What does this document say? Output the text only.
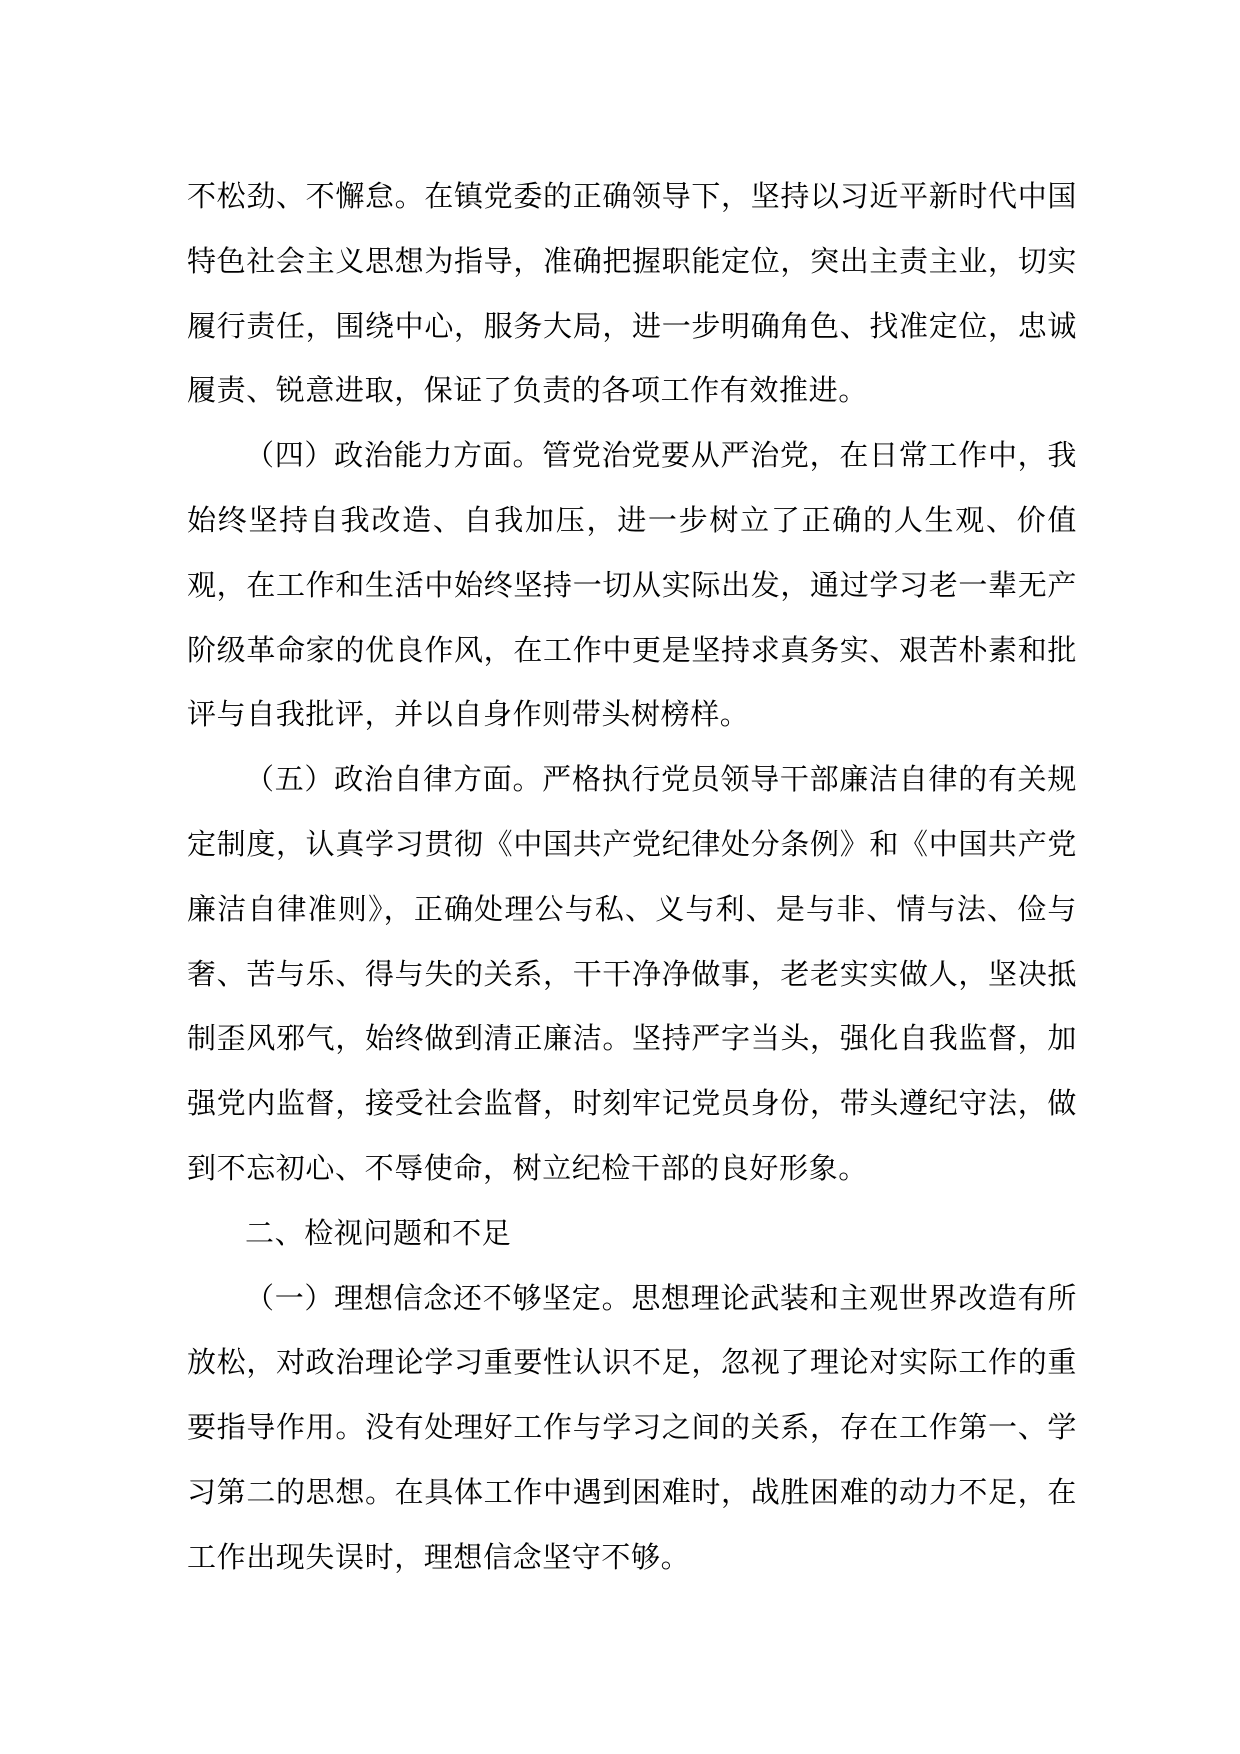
不松劲、不懈怠。在镇党委的正确领导下，坚持以习近平新时代中国特色社会主义思想为指导，准确把握职能定位，突出主责主业，切实履行责任，围绕中心，服务大局，进一步明确角色、找准定位，忠诚履责、锐意进取，保证了负责的各项工作有效推进。

（四）政治能力方面。管党治党要从严治党，在日常工作中，我始终坚持自我改造、自我加压，进一步树立了正确的人生观、价值观，在工作和生活中始终坚持一切从实际出发，通过学习老一辈无产阶级革命家的优良作风，在工作中更是坚持求真务实、艰苦朴素和批评与自我批评，并以自身作则带头树榜样。

（五）政治自律方面。严格执行党员领导干部廉洁自律的有关规定制度，认真学习贯彻《中国共产党纪律处分条例》和《中国共产党廉洁自律准则》，正确处理公与私、义与利、是与非、情与法、俭与奢、苦与乐、得与失的关系，干干净净做事，老老实实做人，坚决抵制歪风邪气，始终做到清正廉洁。坚持严字当头，强化自我监督，加强党内监督，接受社会监督，时刻牢记党员身份，带头遵纪守法，做到不忘初心、不辱使命，树立纪检干部的良好形象。

二、检视问题和不足

（一）理想信念还不够坚定。思想理论武装和主观世界改造有所放松，对政治理论学习重要性认识不足，忽视了理论对实际工作的重要指导作用。没有处理好工作与学习之间的关系，存在工作第一、学习第二的思想。在具体工作中遇到困难时，战胜困难的动力不足，在工作出现失误时，理想信念坚守不够。
